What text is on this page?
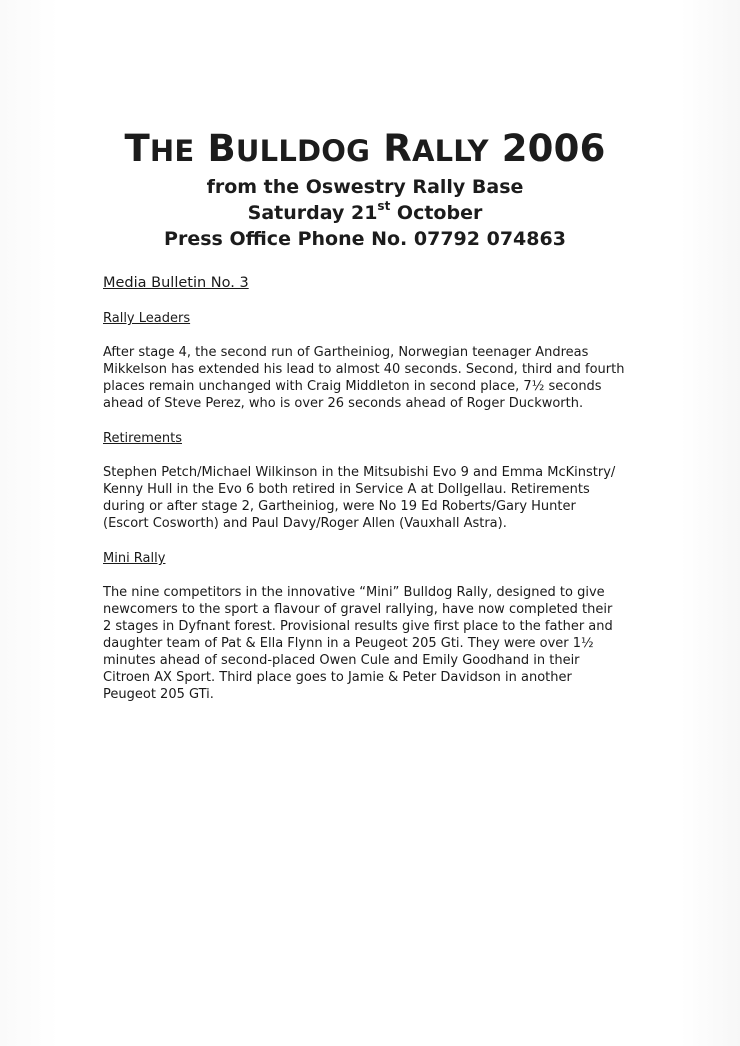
THE BULLDOG RALLY 2006
from the Oswestry Rally Base
Saturday 21st October
Press Office Phone No. 07792 074863
Media Bulletin No. 3
Rally Leaders
After stage 4, the second run of Gartheiniog, Norwegian teenager Andreas
Mikkelson has extended his lead to almost 40 seconds. Second, third and fourth
places remain unchanged with Craig Middleton in second place, 7½ seconds
ahead of Steve Perez, who is over 26 seconds ahead of Roger Duckworth.
Retirements
Stephen Petch/Michael Wilkinson in the Mitsubishi Evo 9 and Emma McKinstry/
Kenny Hull in the Evo 6 both retired in Service A at Dollgellau. Retirements
during or after stage 2, Gartheiniog, were No 19 Ed Roberts/Gary Hunter
(Escort Cosworth) and Paul Davy/Roger Allen (Vauxhall Astra).
Mini Rally
The nine competitors in the innovative “Mini” Bulldog Rally, designed to give
newcomers to the sport a flavour of gravel rallying, have now completed their
2 stages in Dyfnant forest. Provisional results give first place to the father and
daughter team of Pat & Ella Flynn in a Peugeot 205 Gti. They were over 1½
minutes ahead of second-placed Owen Cule and Emily Goodhand in their
Citroen AX Sport. Third place goes to Jamie & Peter Davidson in another
Peugeot 205 GTi.
